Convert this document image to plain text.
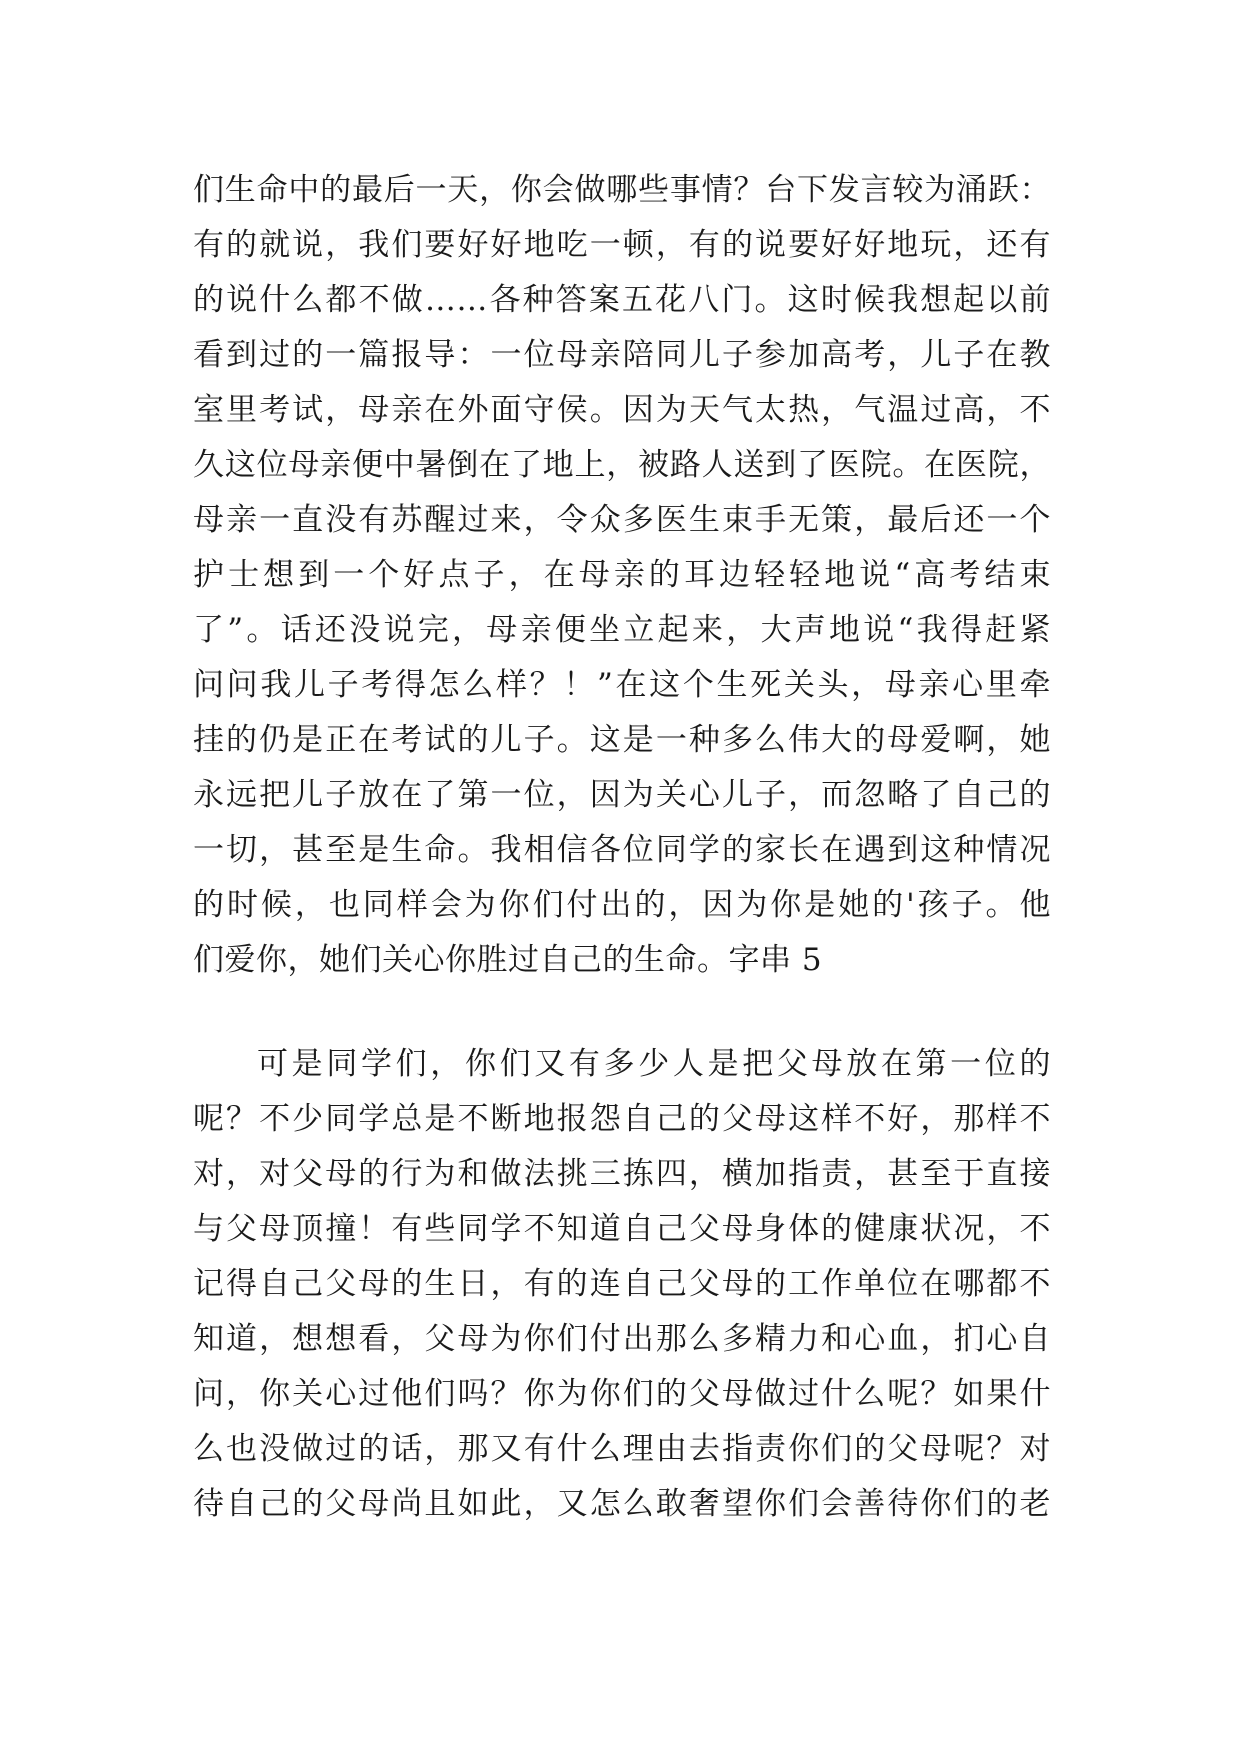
们生命中的最后一天，你会做哪些事情？台下发言较为涌跃：
有的就说，我们要好好地吃一顿，有的说要好好地玩，还有
的说什么都不做……各种答案五花八门。这时候我想起以前
看到过的一篇报导：一位母亲陪同儿子参加高考，儿子在教
室里考试，母亲在外面守侯。因为天气太热，气温过高，不
久这位母亲便中暑倒在了地上，被路人送到了医院。在医院，
母亲一直没有苏醒过来，令众多医生束手无策，最后还一个
护士想到一个好点子，在母亲的耳边轻轻地说“高考结束
了”。话还没说完，母亲便坐立起来，大声地说“我得赶紧
问问我儿子考得怎么样？！”在这个生死关头，母亲心里牵
挂的仍是正在考试的儿子。这是一种多么伟大的母爱啊，她
永远把儿子放在了第一位，因为关心儿子，而忽略了自己的
一切，甚至是生命。我相信各位同学的家长在遇到这种情况
的时候，也同样会为你们付出的，因为你是她的'孩子。他
们爱你，她们关心你胜过自己的生命。字串 5
可是同学们，你们又有多少人是把父母放在第一位的
呢？不少同学总是不断地报怨自己的父母这样不好，那样不
对，对父母的行为和做法挑三拣四，横加指责，甚至于直接
与父母顶撞！有些同学不知道自己父母身体的健康状况，不
记得自己父母的生日，有的连自己父母的工作单位在哪都不
知道，想想看，父母为你们付出那么多精力和心血，扪心自
问，你关心过他们吗？你为你们的父母做过什么呢？如果什
么也没做过的话，那又有什么理由去指责你们的父母呢？对
待自己的父母尚且如此，又怎么敢奢望你们会善待你们的老
